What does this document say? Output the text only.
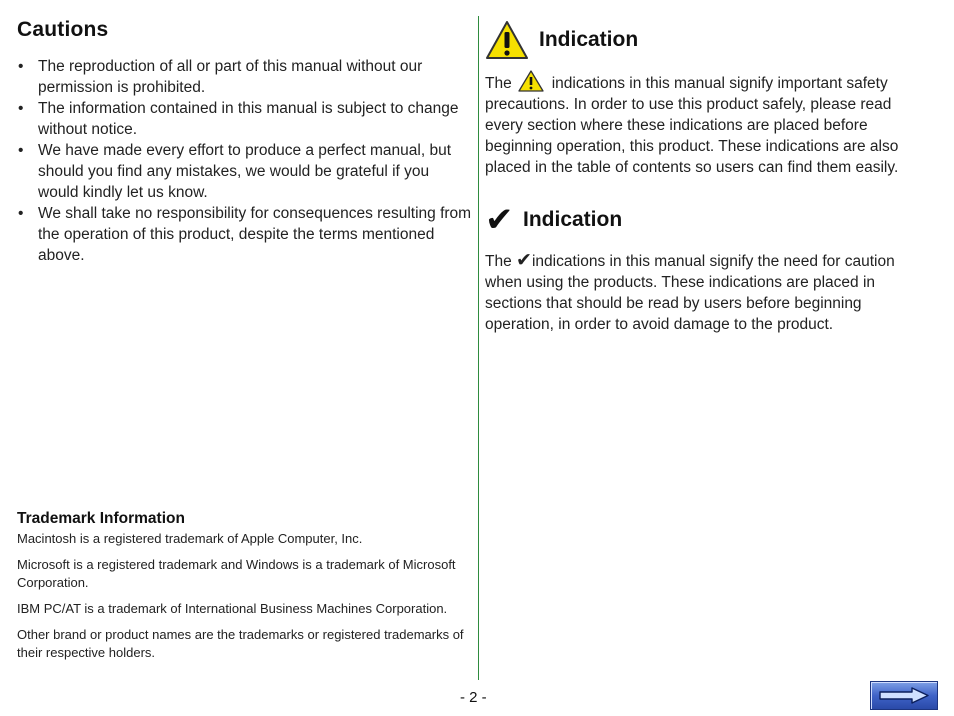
Cautions
• The reproduction of all or part of this manual without our permission is prohibited.
• The information contained in this manual is subject to change without notice.
• We have made every effort to produce a perfect manual, but should you find any mistakes, we would be grateful if you would kindly let us know.
• We shall take no responsibility for consequences resulting from the operation of this product, despite the terms mentioned above.
Trademark Information

Macintosh is a registered trademark of Apple Computer, Inc.

Microsoft is a registered trademark and Windows is a trademark of Microsoft Corporation.

IBM PC/AT is a trademark of International Business Machines Corporation.

Other brand or product names are the trademarks or registered trademarks of their respective holders.

Indication

The	indications in this manual signify important safety precautions. In order to use this product safely, please read every section where these indications are placed before beginning operation, this product. These indications are also placed in the table of contents so users can find them easily.

✔ Indication

The ✔indications in this manual signify the need for caution when using the products. These indications are placed in sections that should be read by users before beginning operation, in order to avoid damage to the product.

- 2 -
